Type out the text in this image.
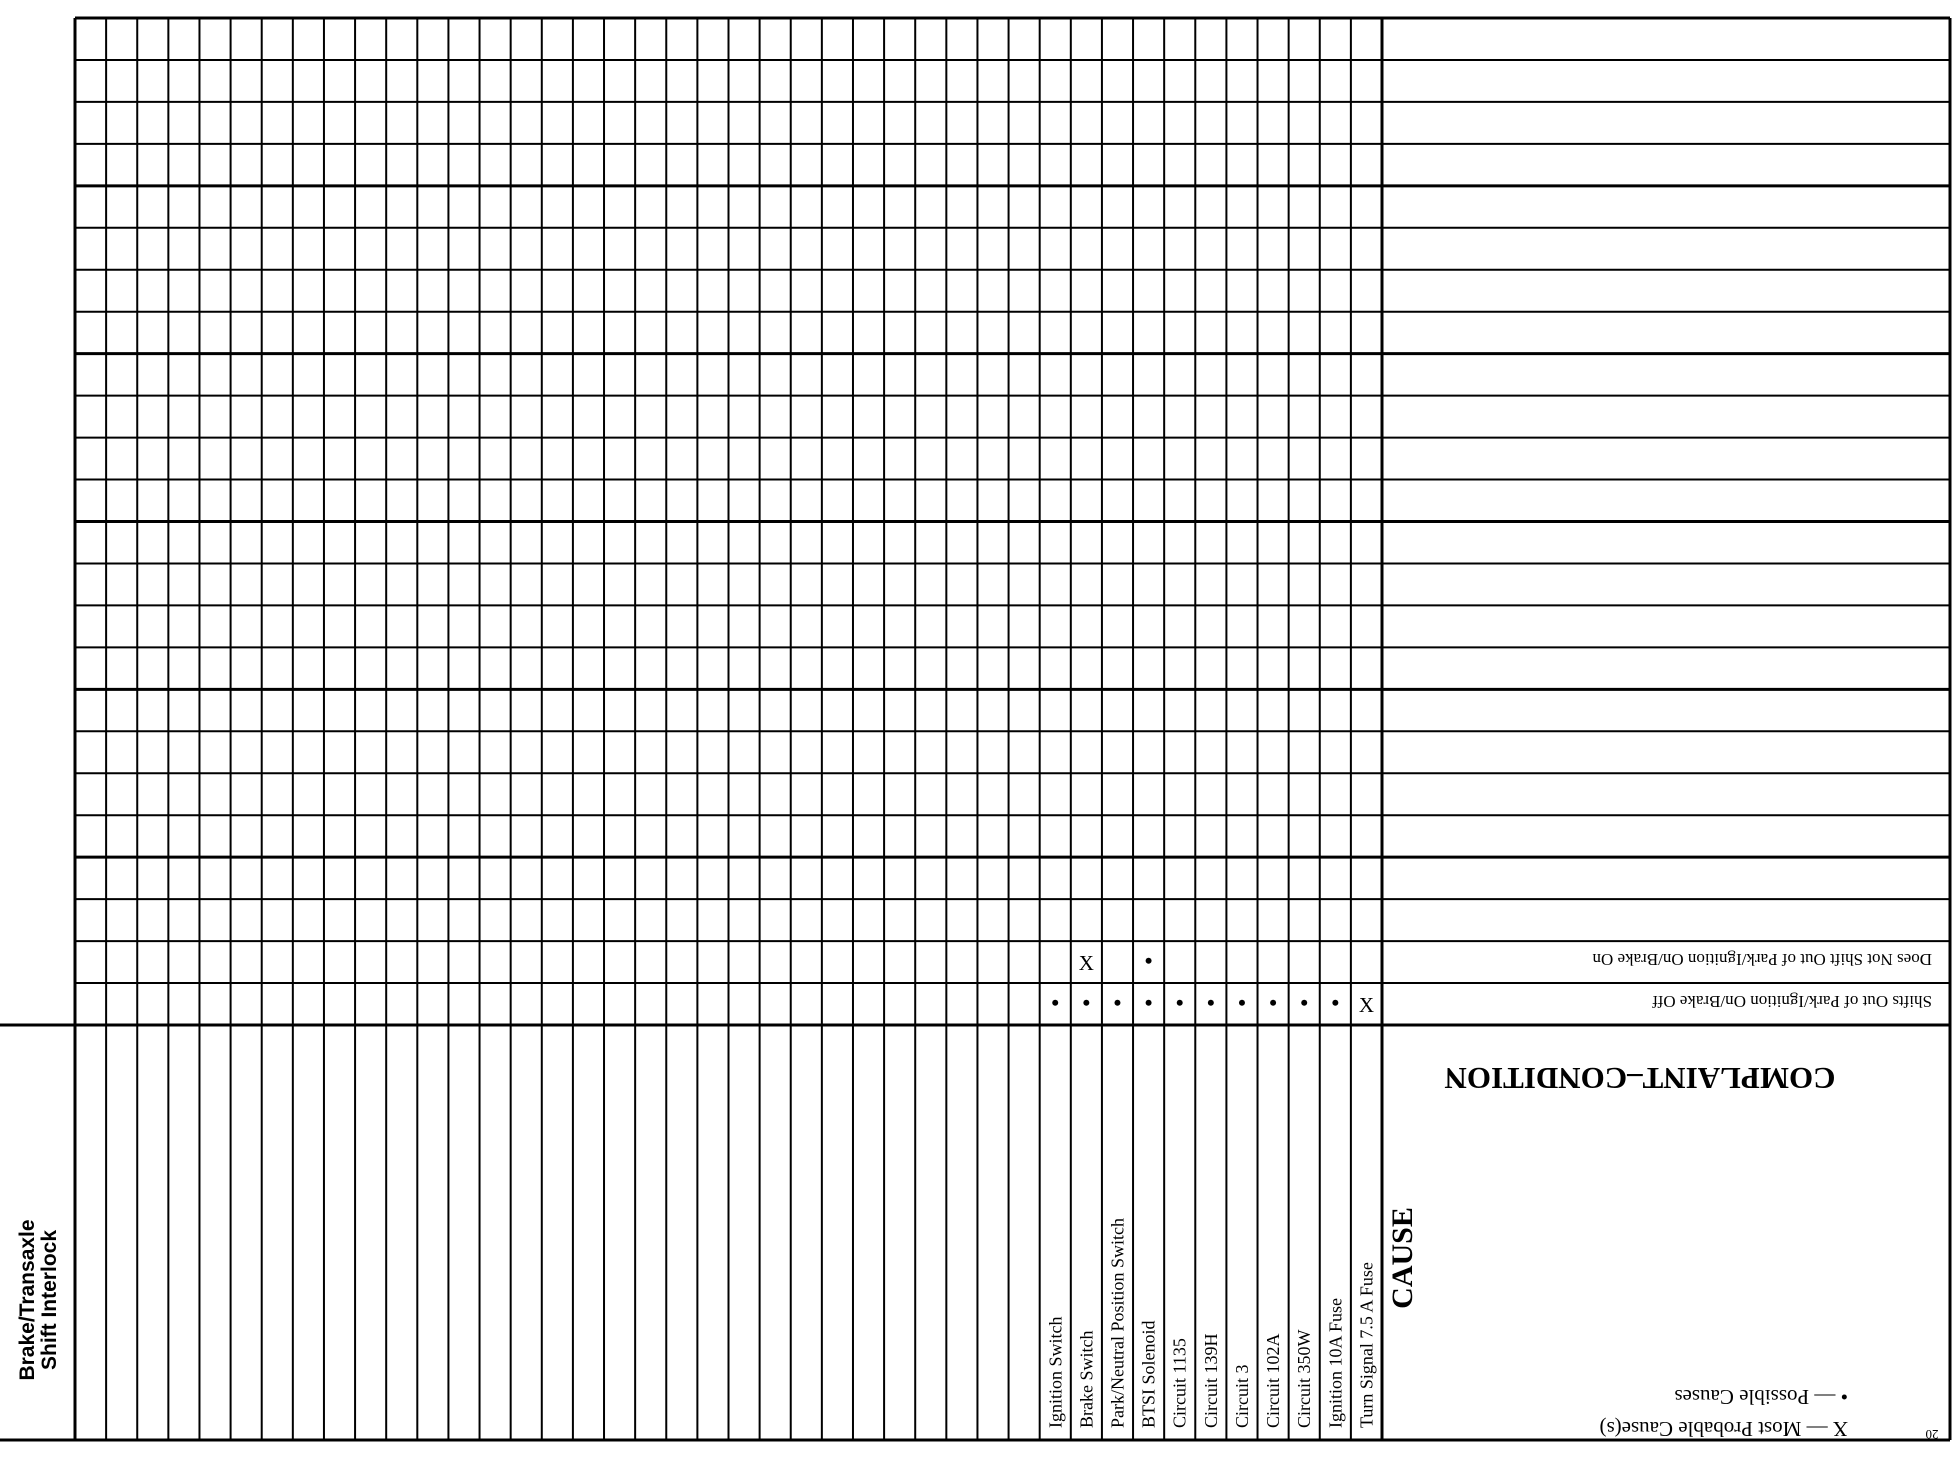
Brake/Transaxle Shift Interlock	CAUSE
COMPLAINT–CONDITION
X — Most Probable Cause(s)
• — Possible Causes
20
Ignition Switch Brake Switch Park/Neutral Position Switch BTSI Solenoid Circuit 1135 Circuit 139H Circuit 3 Circuit 102A Circuit 350W Ignition 10A Fuse Turn Signal 7.5 A Fuse
Shifts Out of Park/Ignition On/Brake Off
Does Not Shift Out of Park/Ignition On/Brake On
• • • • • • • • • • X
X •
